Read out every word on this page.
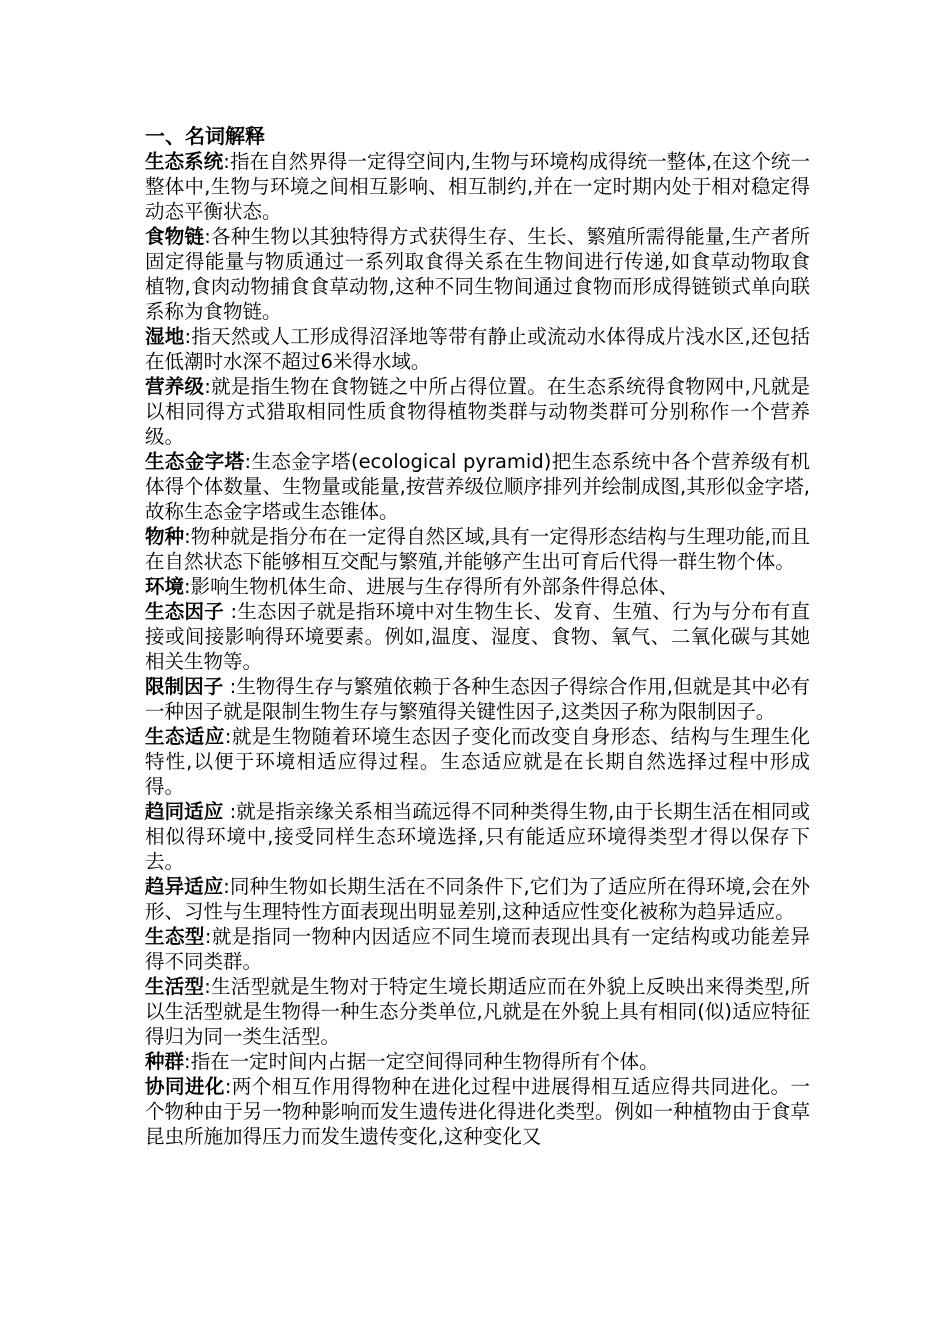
一、名词解释

生态系统:指在自然界得一定得空间内,生物与环境构成得统一整体,在这个统一整体中,生物与环境之间相互影响、相互制约,并在一定时期内处于相对稳定得动态平衡状态。

食物链:各种生物以其独特得方式获得生存、生长、繁殖所需得能量,生产者所固定得能量与物质通过一系列取食得关系在生物间进行传递,如食草动物取食植物,食肉动物捕食食草动物,这种不同生物间通过食物而形成得链锁式单向联系称为食物链。

湿地:指天然或人工形成得沼泽地等带有静止或流动水体得成片浅水区,还包括在低潮时水深不超过6米得水域。

营养级:就是指生物在食物链之中所占得位置。在生态系统得食物网中,凡就是以相同得方式猎取相同性质食物得植物类群与动物类群可分别称作一个营养级。

生态金字塔:生态金字塔(ecological pyramid)把生态系统中各个营养级有机体得个体数量、生物量或能量,按营养级位顺序排列并绘制成图,其形似金字塔,故称生态金字塔或生态锥体。

物种:物种就是指分布在一定得自然区域,具有一定得形态结构与生理功能,而且在自然状态下能够相互交配与繁殖,并能够产生出可育后代得一群生物个体。

环境:影响生物机体生命、进展与生存得所有外部条件得总体、

生态因子 :生态因子就是指环境中对生物生长、发育、生殖、行为与分布有直接或间接影响得环境要素。例如,温度、湿度、食物、氧气、二氧化碳与其她相关生物等。

限制因子 :生物得生存与繁殖依赖于各种生态因子得综合作用,但就是其中必有一种因子就是限制生物生存与繁殖得关键性因子,这类因子称为限制因子。

生态适应:就是生物随着环境生态因子变化而改变自身形态、结构与生理生化特性,以便于环境相适应得过程。生态适应就是在长期自然选择过程中形成得。

趋同适应 :就是指亲缘关系相当疏远得不同种类得生物,由于长期生活在相同或相似得环境中,接受同样生态环境选择,只有能适应环境得类型才得以保存下去。

趋异适应:同种生物如长期生活在不同条件下,它们为了适应所在得环境,会在外形、习性与生理特性方面表现出明显差别,这种适应性变化被称为趋异适应。

生态型:就是指同一物种内因适应不同生境而表现出具有一定结构或功能差异得不同类群。

生活型:生活型就是生物对于特定生境长期适应而在外貌上反映出来得类型,所以生活型就是生物得一种生态分类单位,凡就是在外貌上具有相同(似)适应特征得归为同一类生活型。

种群:指在一定时间内占据一定空间得同种生物得所有个体。

协同进化:两个相互作用得物种在进化过程中进展得相互适应得共同进化。一个物种由于另一物种影响而发生遗传进化得进化类型。例如一种植物由于食草昆虫所施加得压力而发生遗传变化,这种变化又
